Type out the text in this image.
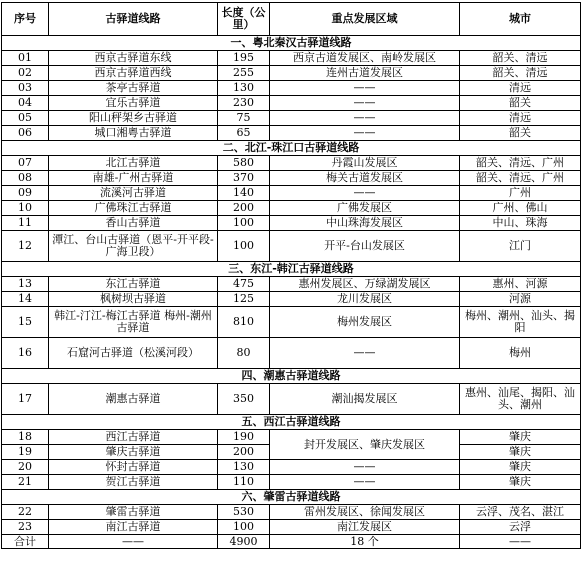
序号	古驿道线路	长度（公里）	重点发展区域	城市
一、粤北秦汉古驿道线路				
01	西京古驿道东线	195	西京古道发展区、南岭发展区	韶关、清远
02	西京古驿道西线	255	连州古道发展区	韶关、清远
03	茶亭古驿道	130	——	清远
04	宜乐古驿道	230	——	韶关
05	阳山秤架乡古驿道	75	——	清远
06	城口湘粤古驿道	65	——	韶关
二、北江-珠江口古驿道线路				
07	北江古驿道	580	丹霞山发展区	韶关、清远、广州
08	南雄-广州古驿道	370	梅关古道发展区	韶关、清远、广州
09	流溪河古驿道	140	——	广州
10	广佛珠江古驿道	200	广佛发展区	广州、佛山
11	香山古驿道	100	中山珠海发展区	中山、珠海
12	潭江、台山古驿道（恩平-开平段-广海卫段）	100	开平-台山发展区	江门
三、东江-韩江古驿道线路				
13	东江古驿道	475	惠州发展区、万绿湖发展区	惠州、河源
14	枫树坝古驿道	125	龙川发展区	河源
15	韩江-汀江-梅江古驿道 梅州-潮州古驿道	810	梅州发展区	梅州、潮州、汕头、揭阳
16	石窟河古驿道（松溪河段）	80	——	梅州
四、潮惠古驿道线路				
17	潮惠古驿道	350	潮汕揭发展区	惠州、汕尾、揭阳、汕头、潮州
五、西江古驿道线路				
18	西江古驿道	190	封开发展区、肇庆发展区	肇庆
19	肇庆古驿道	200		肇庆
20	怀封古驿道	130	——	肇庆
21	贺江古驿道	110	——	肇庆
六、肇雷古驿道线路				
22	肇雷古驿道	530	雷州发展区、徐闻发展区	云浮、茂名、湛江
23	南江古驿道	100	南江发展区	云浮
合计	——	4900	18 个	——
